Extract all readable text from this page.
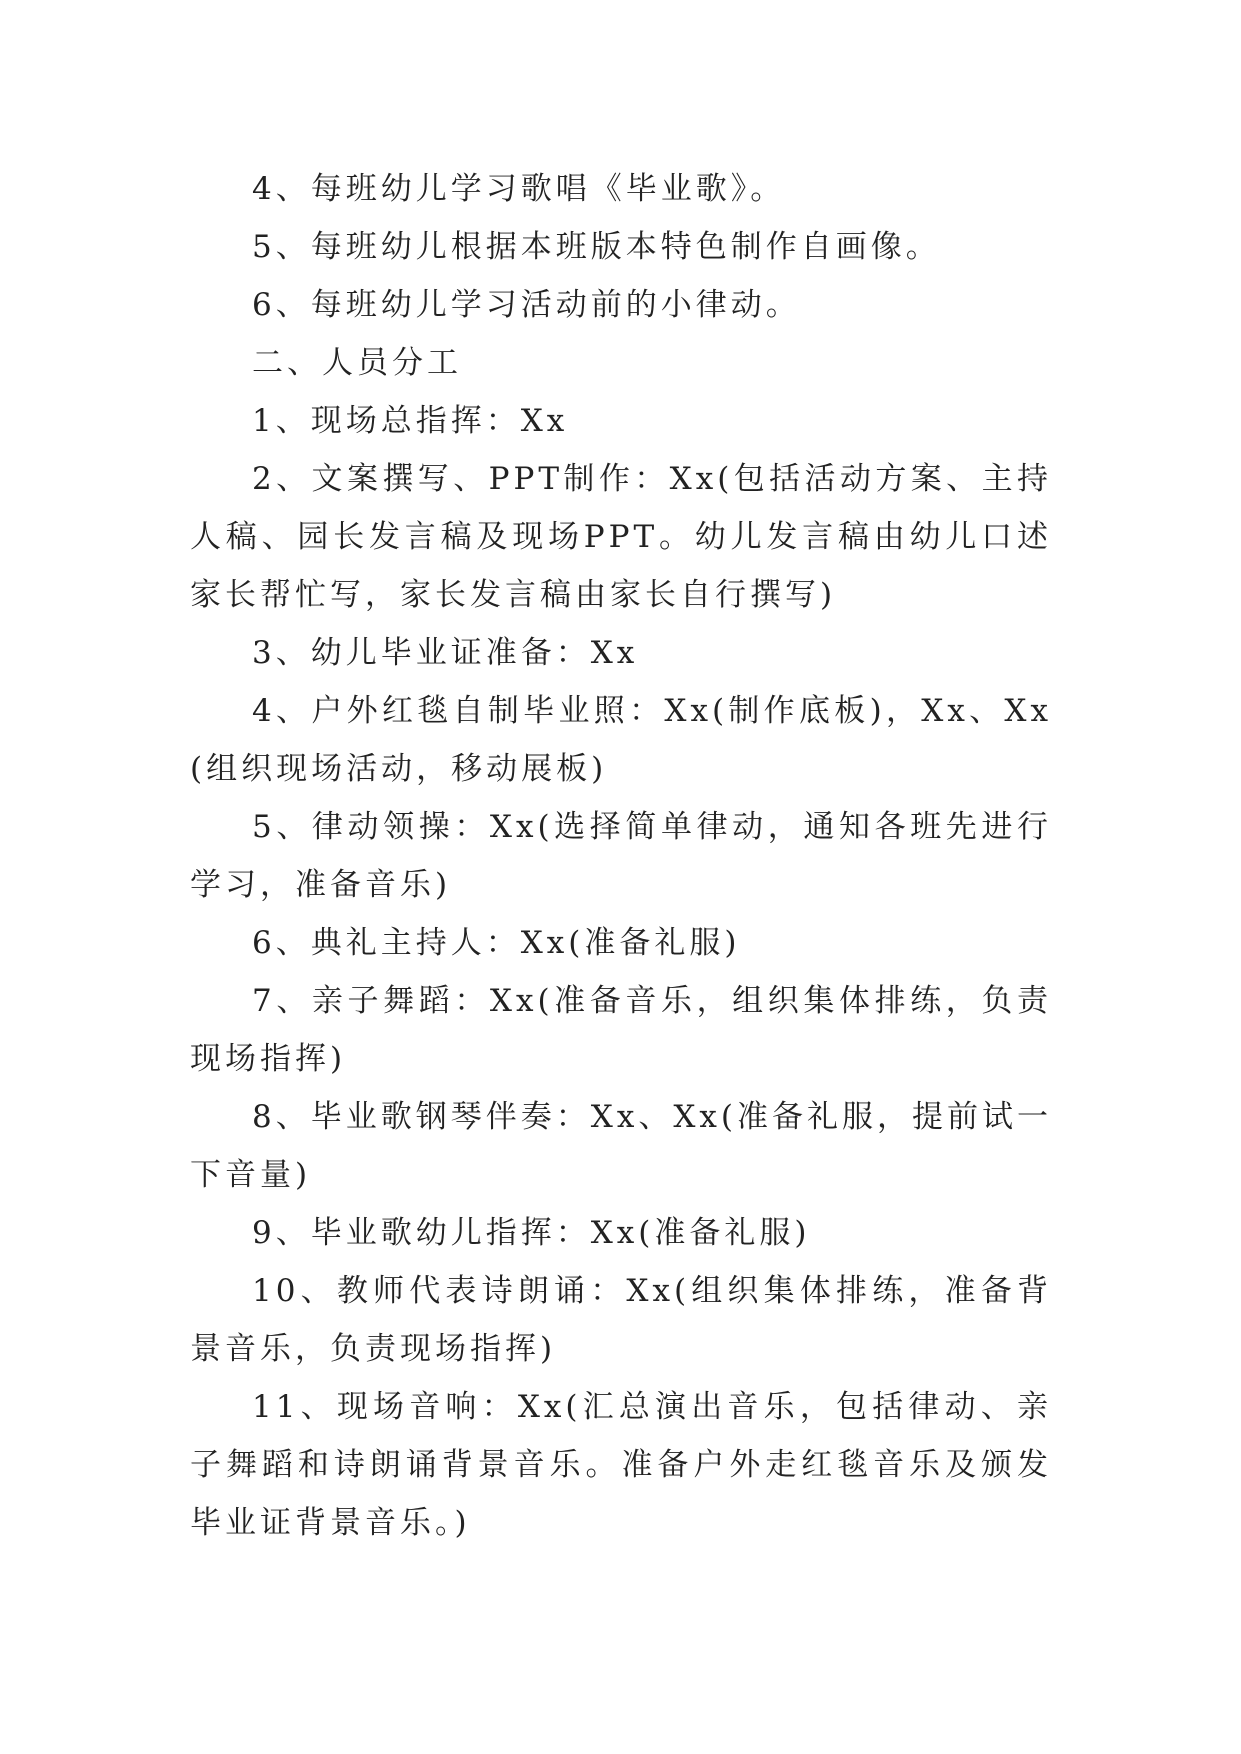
4、每班幼儿学习歌唱《毕业歌》。

5、每班幼儿根据本班版本特色制作自画像。

6、每班幼儿学习活动前的小律动。

二、人员分工

1、现场总指挥：Xx

2、文案撰写、PPT制作：Xx(包括活动方案、主持人稿、园长发言稿及现场PPT。幼儿发言稿由幼儿口述家长帮忙写，家长发言稿由家长自行撰写)

3、幼儿毕业证准备：Xx

4、户外红毯自制毕业照：Xx(制作底板)，Xx、Xx(组织现场活动，移动展板)

5、律动领操：Xx(选择简单律动，通知各班先进行学习，准备音乐)

6、典礼主持人：Xx(准备礼服)

7、亲子舞蹈：Xx(准备音乐，组织集体排练，负责现场指挥)

8、毕业歌钢琴伴奏：Xx、Xx(准备礼服，提前试一下音量)

9、毕业歌幼儿指挥：Xx(准备礼服)

10、教师代表诗朗诵：Xx(组织集体排练，准备背景音乐，负责现场指挥)

11、现场音响：Xx(汇总演出音乐，包括律动、亲子舞蹈和诗朗诵背景音乐。准备户外走红毯音乐及颁发毕业证背景音乐。)
